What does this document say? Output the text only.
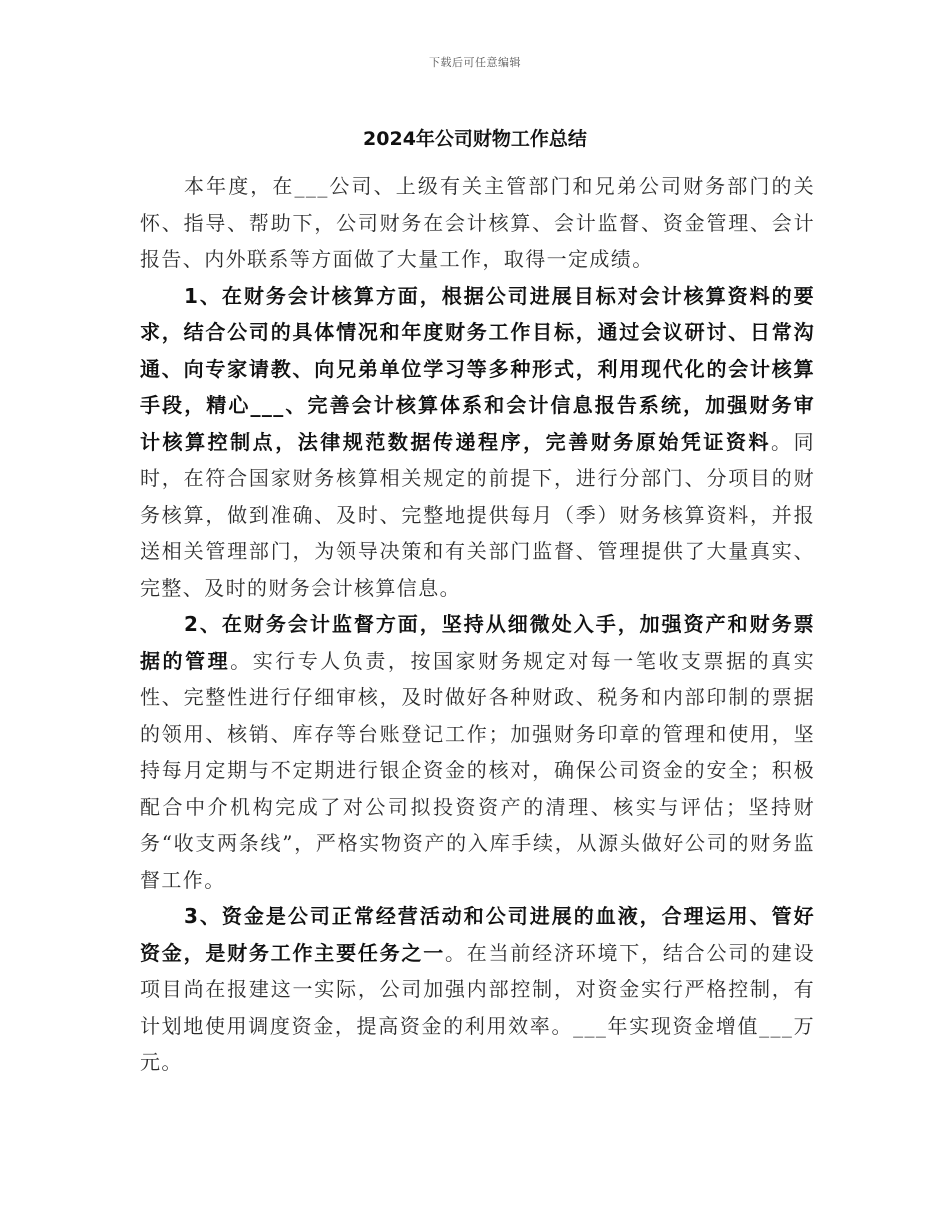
下载后可任意编辑
2024年公司财物工作总结

本年度，在___公司、上级有关主管部门和兄弟公司财务部门的关怀、指导、帮助下，公司财务在会计核算、会计监督、资金管理、会计报告、内外联系等方面做了大量工作，取得一定成绩。

1、在财务会计核算方面，根据公司进展目标对会计核算资料的要求，结合公司的具体情况和年度财务工作目标，通过会议研讨、日常沟通、向专家请教、向兄弟单位学习等多种形式，利用现代化的会计核算手段，精心___、完善会计核算体系和会计信息报告系统，加强财务审计核算控制点，法律规范数据传递程序，完善财务原始凭证资料。同时，在符合国家财务核算相关规定的前提下，进行分部门、分项目的财务核算，做到准确、及时、完整地提供每月（季）财务核算资料，并报送相关管理部门，为领导决策和有关部门监督、管理提供了大量真实、完整、及时的财务会计核算信息。

2、在财务会计监督方面，坚持从细微处入手，加强资产和财务票据的管理。实行专人负责，按国家财务规定对每一笔收支票据的真实性、完整性进行仔细审核，及时做好各种财政、税务和内部印制的票据的领用、核销、库存等台账登记工作；加强财务印章的管理和使用，坚持每月定期与不定期进行银企资金的核对，确保公司资金的安全；积极配合中介机构完成了对公司拟投资资产的清理、核实与评估；坚持财务“收支两条线”，严格实物资产的入库手续，从源头做好公司的财务监督工作。

3、资金是公司正常经营活动和公司进展的血液，合理运用、管好资金，是财务工作主要任务之一。在当前经济环境下，结合公司的建设项目尚在报建这一实际，公司加强内部控制，对资金实行严格控制，有计划地使用调度资金，提高资金的利用效率。___年实现资金增值___万元。
